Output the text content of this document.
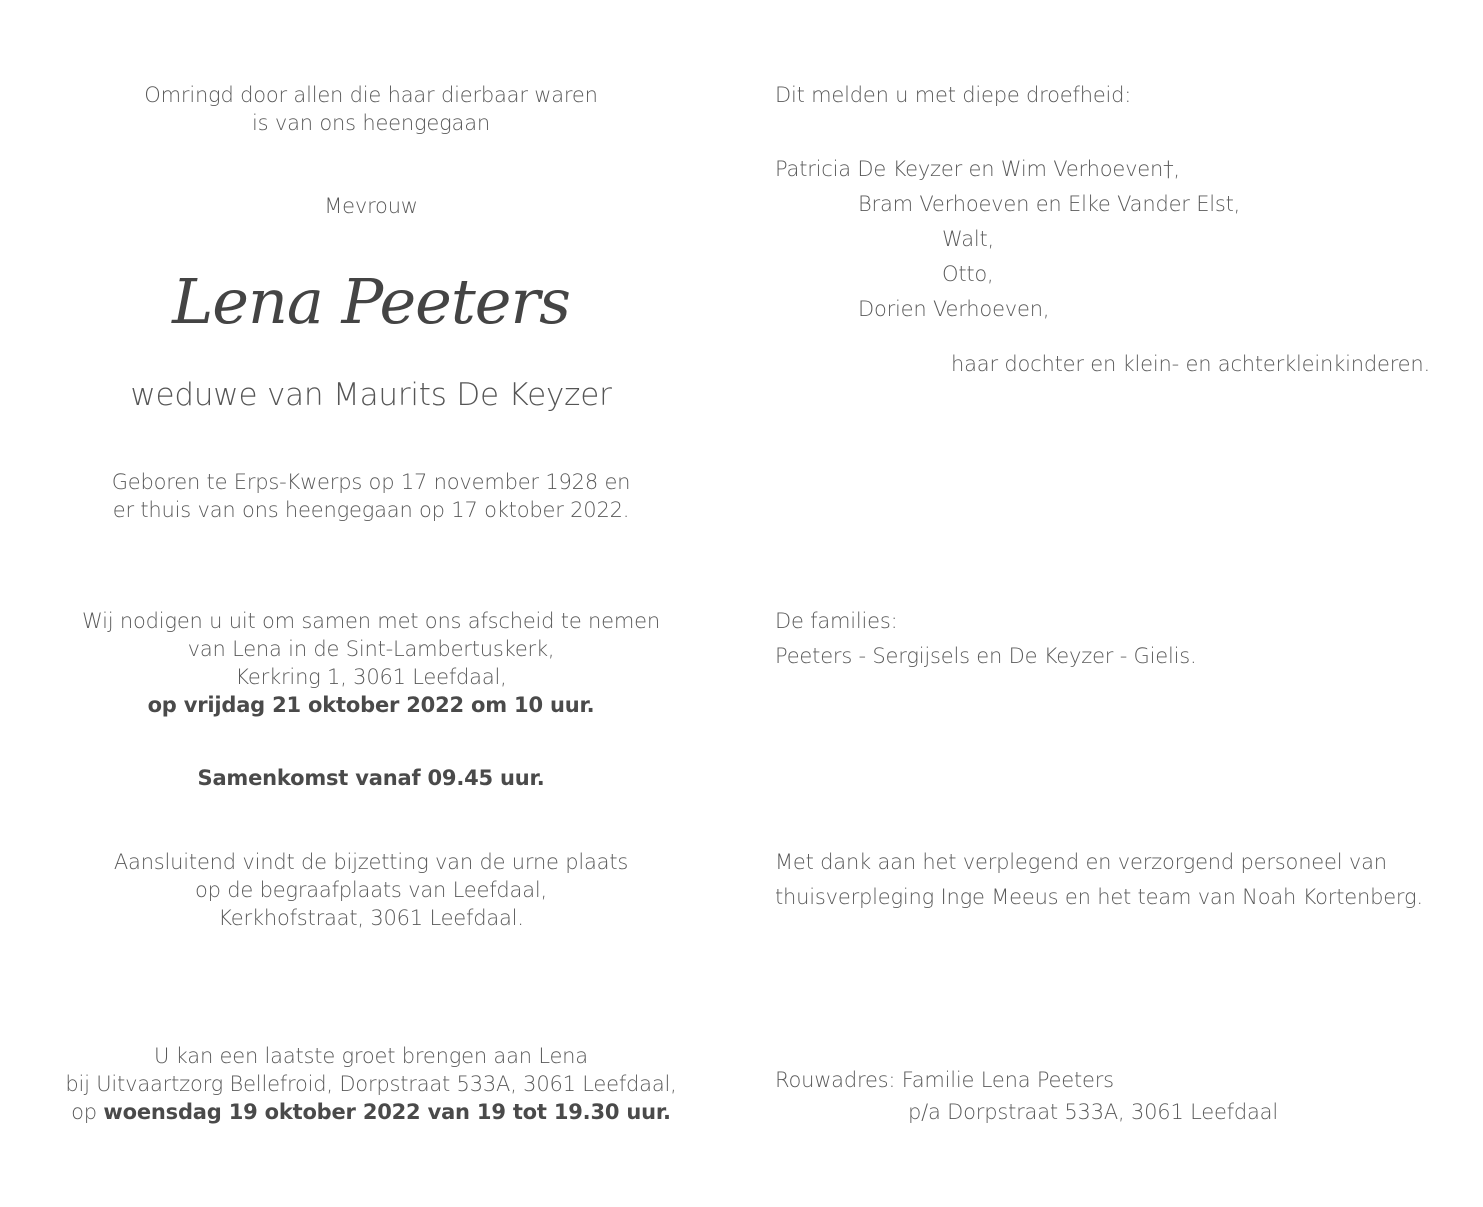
Omringd door allen die haar dierbaar waren
is van ons heengegaan
Mevrouw
Lena Peeters
weduwe van Maurits De Keyzer
Geboren te Erps-Kwerps op 17 november 1928 en
er thuis van ons heengegaan op 17 oktober 2022.
Wij nodigen u uit om samen met ons afscheid te nemen
van Lena in de Sint-Lambertuskerk,
Kerkring 1, 3061 Leefdaal,
op vrijdag 21 oktober 2022 om 10 uur.
Samenkomst vanaf 09.45 uur.
Aansluitend vindt de bijzetting van de urne plaats
op de begraafplaats van Leefdaal,
Kerkhofstraat, 3061 Leefdaal.
U kan een laatste groet brengen aan Lena
bij Uitvaartzorg Bellefroid, Dorpstraat 533A, 3061 Leefdaal,
op woensdag 19 oktober 2022 van 19 tot 19.30 uur.
Dit melden u met diepe droefheid:
Patricia De Keyzer en Wim Verhoeven†,
Bram Verhoeven en Elke Vander Elst,
Walt,
Otto,
Dorien Verhoeven,
haar dochter en klein- en achterkleinkinderen.
De families:
Peeters - Sergijsels en De Keyzer - Gielis.
Met dank aan het verplegend en verzorgend personeel van
thuisverpleging Inge Meeus en het team van Noah Kortenberg.
Rouwadres: Familie Lena Peeters
p/a Dorpstraat 533A, 3061 Leefdaal
